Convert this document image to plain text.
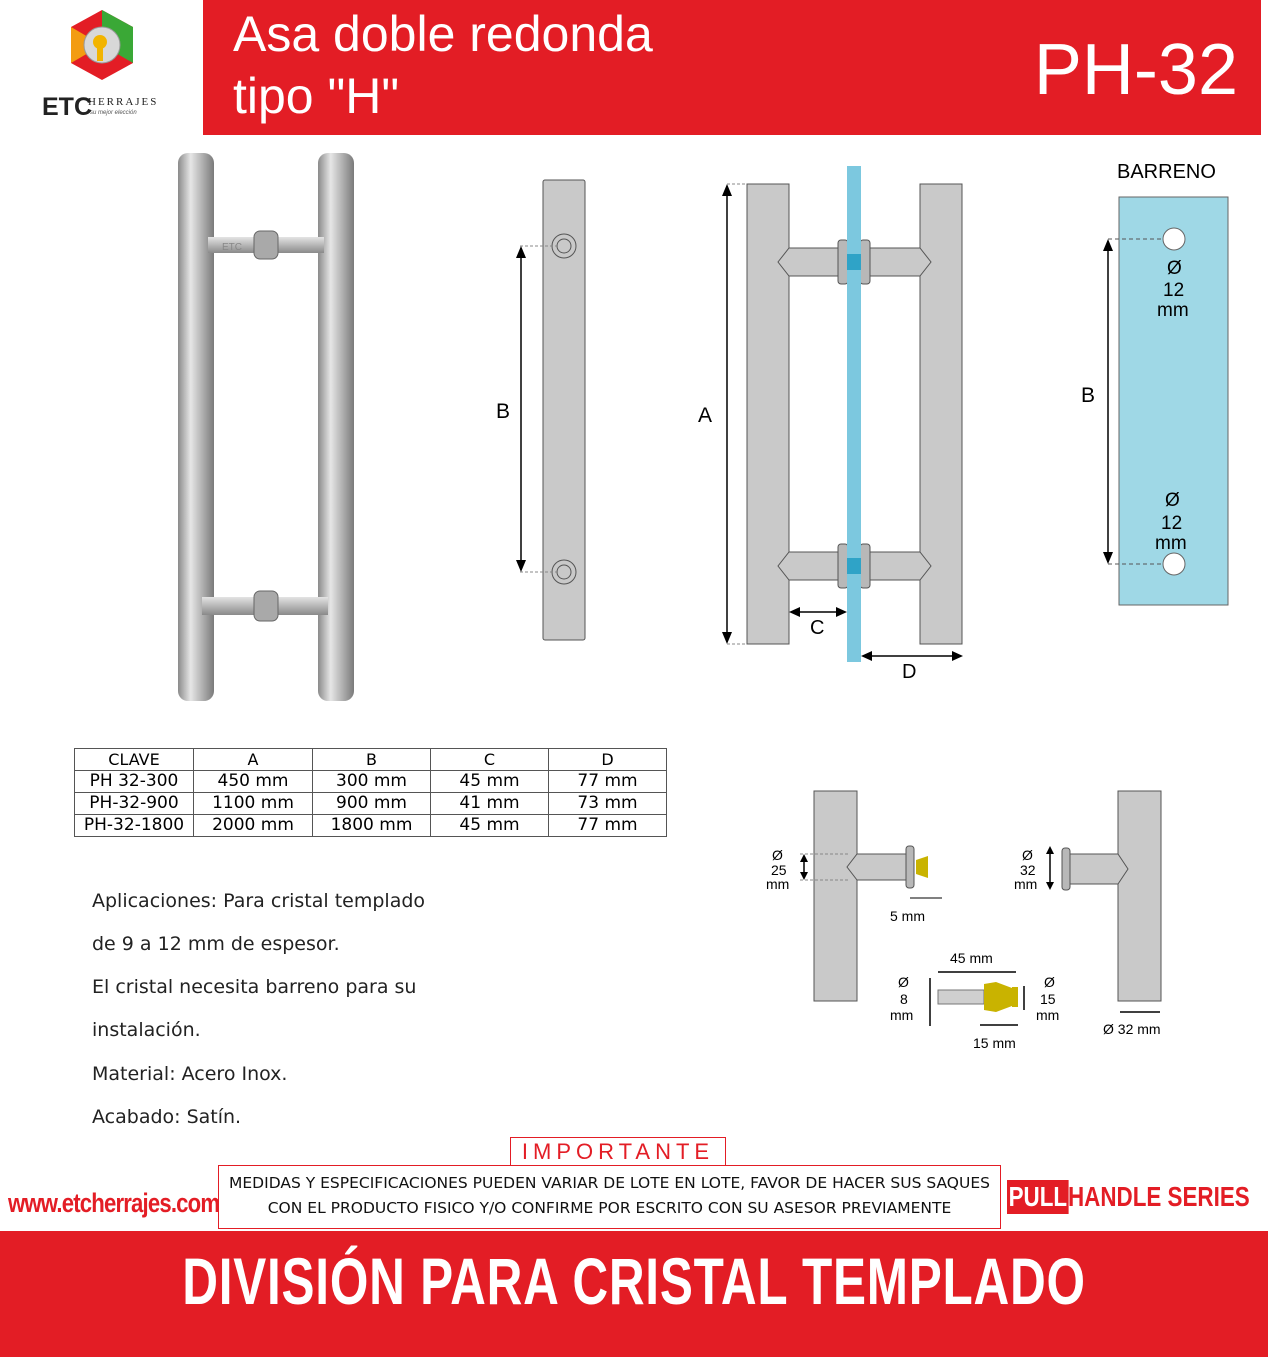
ETC
HERRAJES
su mejor elección
Asa doble redonda
tipo "H"	PH-32
ETC
B	A
C
D
BARRENO
B
Ø
12
mm
Ø
12
mm
CLAVE	A	B	C	D
PH 32-300	450 mm	300 mm	45 mm	77 mm
PH-32-900	1100 mm	900 mm	41 mm	73 mm
PH-32-1800	2000 mm	1800 mm	45 mm	77 mm
Ø
25
mm
5 mm
Ø
32
mm
Ø 32 mm
45 mm
Ø
8
mm
Ø
15
mm
15 mm
Aplicaciones: Para cristal templado
de 9 a 12 mm de espesor.
El cristal necesita barreno para su
instalación.
Material: Acero Inox.
Acabado: Satín.
IMPORTANTE
MEDIDAS Y ESPECIFICACIONES PUEDEN VARIAR DE LOTE EN LOTE, FAVOR DE HACER SUS SAQUES
CON EL PRODUCTO FISICO Y/O CONFIRME POR ESCRITO CON SU ASESOR PREVIAMENTE
www.etcherrajes.com	PULL HANDLE SERIES
DIVISIÓN PARA CRISTAL TEMPLADO
